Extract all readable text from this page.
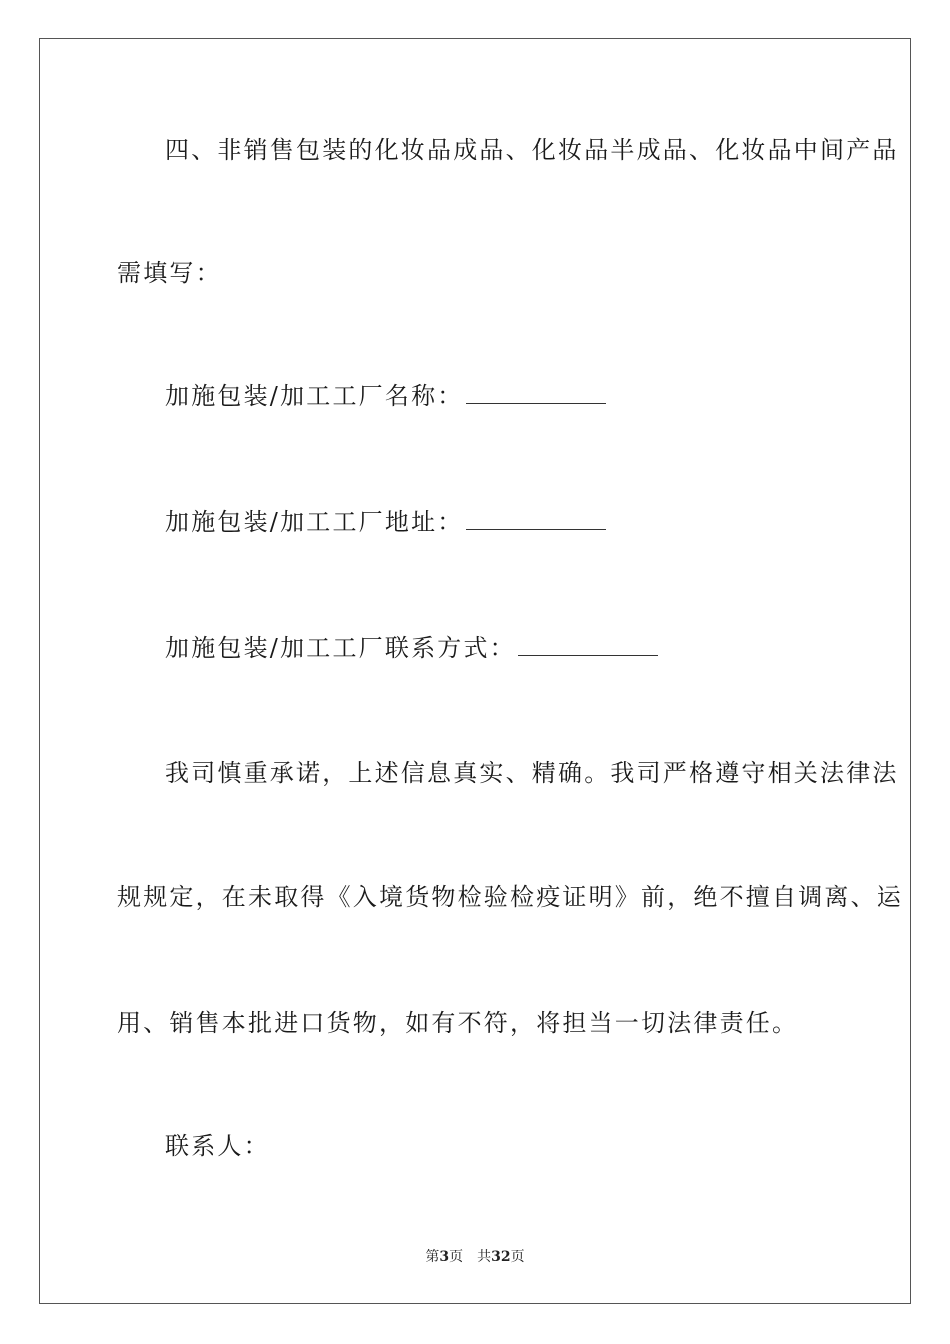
四、非销售包装的化妆品成品、化妆品半成品、化妆品中间产品
需填写：
加施包装/加工工厂名称：
加施包装/加工工厂地址：
加施包装/加工工厂联系方式：
我司慎重承诺，上述信息真实、精确。我司严格遵守相关法律法
规规定，在未取得《入境货物检验检疫证明》前，绝不擅自调离、运
用、销售本批进口货物，如有不符，将担当一切法律责任。
联系人：
第3页 共32页
